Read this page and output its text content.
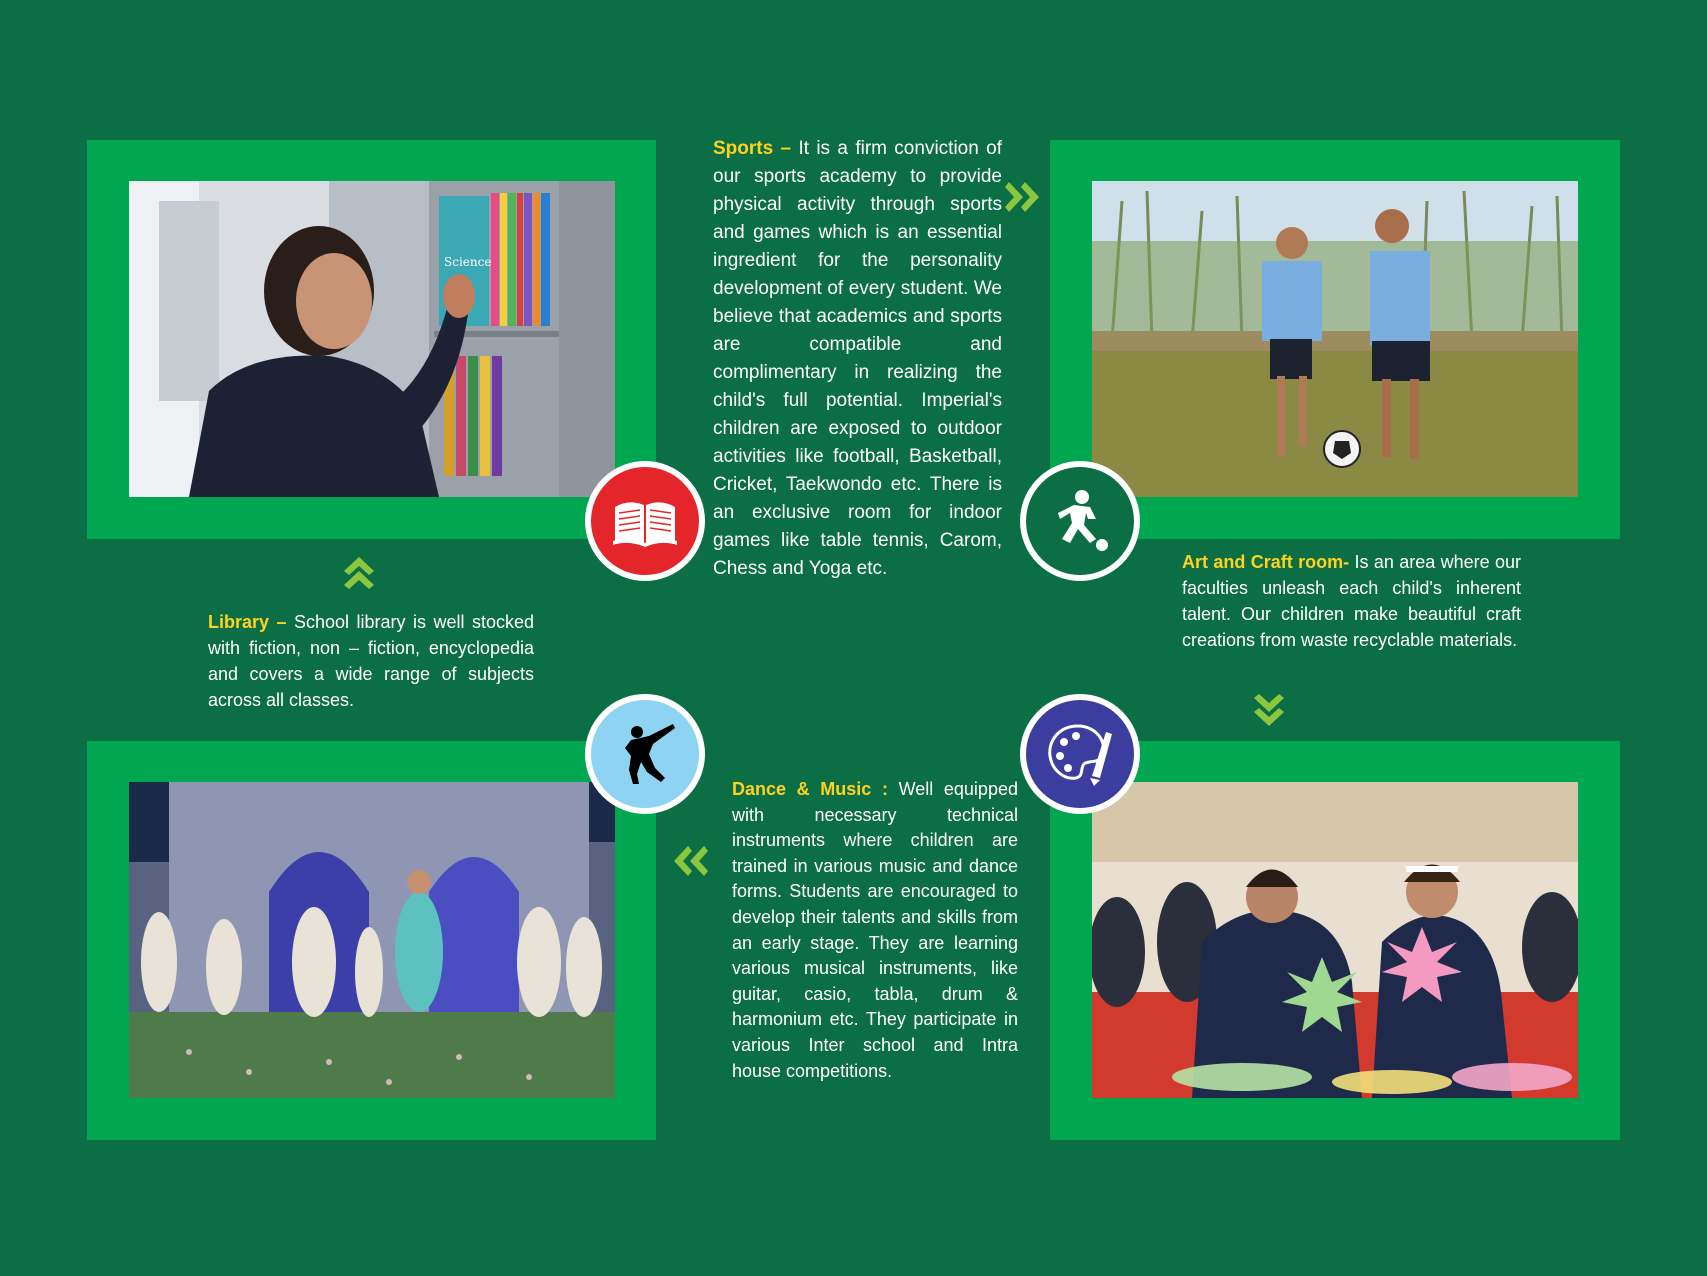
Science
Sports – It is a firm conviction of our sports academy to provide physical activity through sports and games which is an essential ingredient for the personality development of every student. We believe that academics and sports are compatible and complimentary in realizing the child's full potential. Imperial's children are exposed to outdoor activities like football, Basketball, Cricket, Taekwondo etc. There is an exclusive room for indoor games like table tennis, Carom, Chess and Yoga etc.
Library – School library is well stocked with fiction, non – fiction, encyclopedia and covers a wide range of subjects across all classes.
Art and Craft room- Is an area where our faculties unleash each child's inherent talent. Our children make beautiful craft creations from waste recyclable materials.
Dance & Music : Well equipped with necessary technical instruments where children are trained in various music and dance forms. Students are encouraged to develop their talents and skills from an early stage. They are learning various musical instruments, like guitar, casio, tabla, drum & harmonium etc. They participate in various Inter school and Intra house competitions.
